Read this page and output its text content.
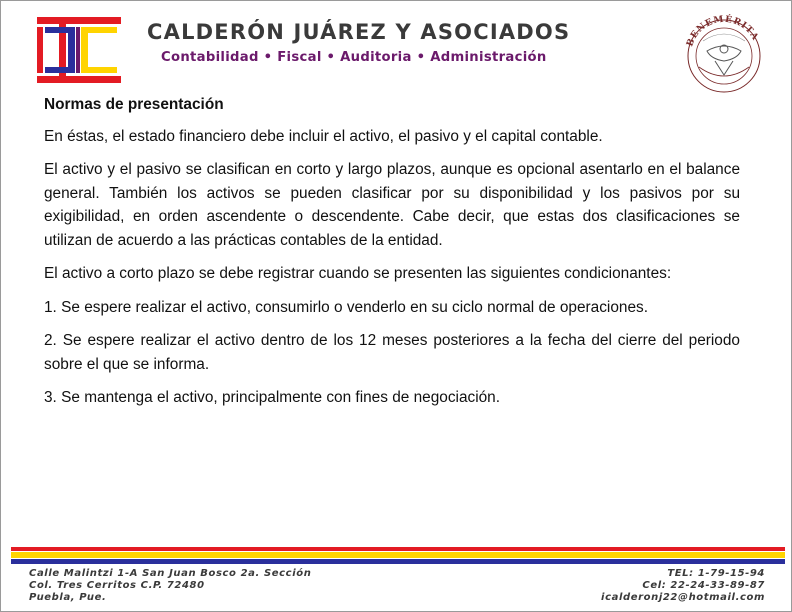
CALDERÓN JUÁREZ Y ASOCIADOS
Contabilidad • Fiscal • Auditoria • Administración
BENEMÉRITA

Normas de presentación

En éstas, el estado financiero debe incluir el activo, el pasivo y el capital contable.

El activo y el pasivo se clasifican en corto y largo plazos, aunque es opcional asentarlo en el balance general. También los activos se pueden clasificar por su disponibilidad y los pasivos por su exigibilidad, en orden ascendente o descendente. Cabe decir, que estas dos clasificaciones se utilizan de acuerdo a las prácticas contables de la entidad.

El activo a corto plazo se debe registrar cuando se presenten las siguientes condicionantes:

1. Se espere realizar el activo, consumirlo o venderlo en su ciclo normal de operaciones.

2. Se espere realizar el activo dentro de los 12 meses posteriores a la fecha del cierre del periodo sobre el que se informa.

3. Se mantenga el activo, principalmente con fines de negociación.

Calle Malintzi 1-A San Juan Bosco 2a. Sección
Col. Tres Cerritos C.P. 72480
Puebla, Pue.
TEL: 1-79-15-94
Cel: 22-24-33-89-87
icalderonj22@hotmail.com
